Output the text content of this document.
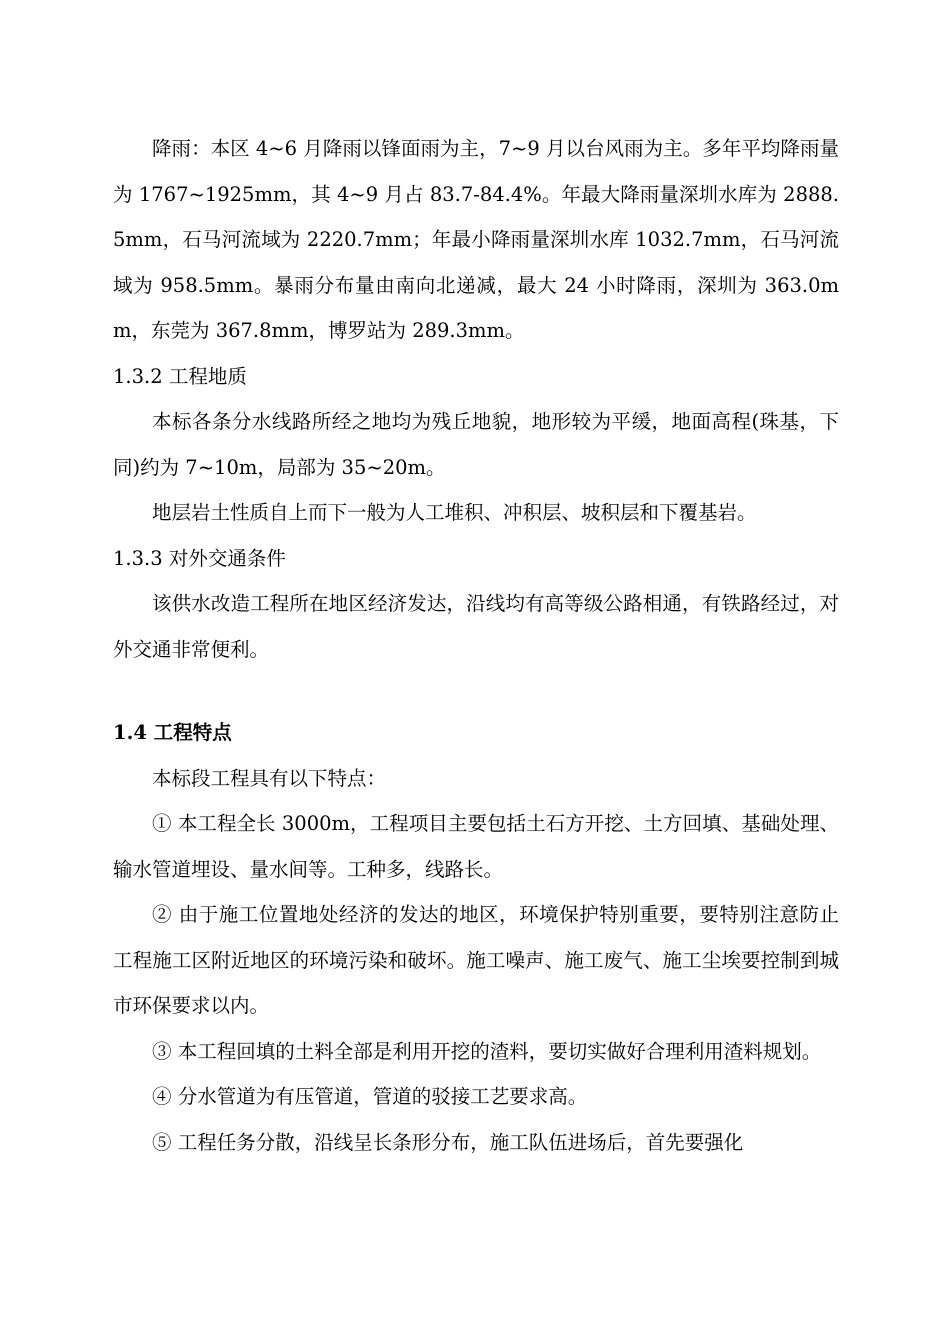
降雨：本区 4~6 月降雨以锋面雨为主，7~9 月以台风雨为主。多年平均降雨量为 1767~1925mm，其 4~9 月占 83.7-84.4%。年最大降雨量深圳水库为 2888.5mm，石马河流域为 2220.7mm；年最小降雨量深圳水库 1032.7mm，石马河流域为 958.5mm。暴雨分布量由南向北递减，最大 24 小时降雨，深圳为 363.0mm，东莞为 367.8mm，博罗站为 289.3mm。

1.3.2 工程地质

本标各条分水线路所经之地均为残丘地貌，地形较为平缓，地面高程(珠基，下同)约为 7~10m，局部为 35~20m。

地层岩土性质自上而下一般为人工堆积、冲积层、坡积层和下覆基岩。

1.3.3 对外交通条件

该供水改造工程所在地区经济发达，沿线均有高等级公路相通，有铁路经过，对外交通非常便利。

1.4 工程特点

本标段工程具有以下特点：

① 本工程全长 3000m，工程项目主要包括土石方开挖、土方回填、基础处理、输水管道埋设、量水间等。工种多，线路长。

② 由于施工位置地处经济的发达的地区，环境保护特别重要，要特别注意防止工程施工区附近地区的环境污染和破坏。施工噪声、施工废气、施工尘埃要控制到城市环保要求以内。

③ 本工程回填的土料全部是利用开挖的渣料，要切实做好合理利用渣料规划。

④ 分水管道为有压管道，管道的驳接工艺要求高。

⑤ 工程任务分散，沿线呈长条形分布，施工队伍进场后，首先要强化
